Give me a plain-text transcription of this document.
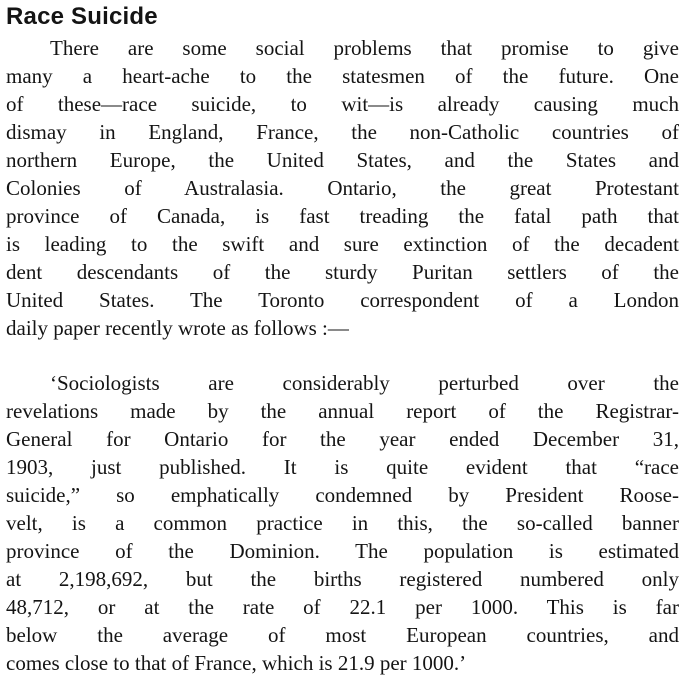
Race Suicide
There are some social problems that promise to give
many a heart-ache to the statesmen of the future. One
of these—race suicide, to wit—is already causing much
dismay in England, France, the non-Catholic countries of
northern Europe, the United States, and the States and
Colonies of Australasia. Ontario, the great Protestant
province of Canada, is fast treading the fatal path that
is leading to the swift and sure extinction of the decadent
dent descendants of the sturdy Puritan settlers of the
United States. The Toronto correspondent of a London
daily paper recently wrote as follows :—
‘Sociologists are considerably perturbed over the
revelations made by the annual report of the Registrar-
General for Ontario for the year ended December 31,
1903, just published. It is quite evident that “race
suicide,” so emphatically condemned by President Roose-
velt, is a common practice in this, the so-called banner
province of the Dominion. The population is estimated
at 2,198,692, but the births registered numbered only
48,712, or at the rate of 22.1 per 1000. This is far
below the average of most European countries, and
comes close to that of France, which is 21.9 per 1000.’
